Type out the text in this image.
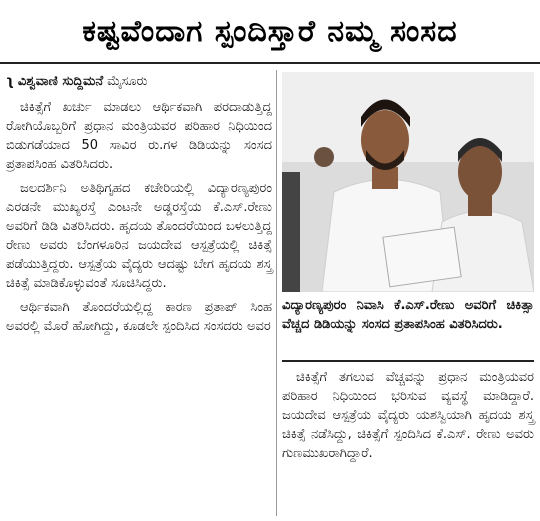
ಕಷ್ಟವೆಂದಾಗ ಸ್ಪಂದಿಸ್ತಾರೆ ನಮ್ಮ ಸಂಸದ
ʅ ವಿಶ್ವವಾಣಿ ಸುದ್ದಿಮನೆ ಮೈಸೂರು

ಚಿಕಿತ್ಸೆಗೆ ಖರ್ಚು ಮಾಡಲು ಆರ್ಥಿಕವಾಗಿ ಪರದಾಡುತ್ತಿದ್ದ ರೋಗಿಯೊಬ್ಬರಿಗೆ ಪ್ರಧಾನ ಮಂತ್ರಿಯವರ ಪರಿಹಾರ ನಿಧಿಯಿಂದ ಬಿಡುಗಡೆಯಾದ 50 ಸಾವಿರ ರು.ಗಳ ಡಿಡಿಯನ್ನು ಸಂಸದ ಪ್ರತಾಪಸಿಂಹ ವಿತರಿಸಿದರು.

ಜಲದರ್ಶಿನಿ ಅತಿಥಿಗೃಹದ ಕಚೇರಿಯಲ್ಲಿ ವಿದ್ಯಾರಣ್ಯಪುರಂ ಎರಡನೇ ಮುಖ್ಯರಸ್ತೆ ಎಂಟನೇ ಅಡ್ಡರಸ್ತೆಯ ಕೆ.ಎಸ್.ರೇಣು ಅವರಿಗೆ ಡಿಡಿ ವಿತರಿಸಿದರು. ಹೃದಯ ತೊಂದರೆಯಿಂದ ಬಳಲುತ್ತಿದ್ದ ರೇಣು ಅವರು ಬೆಂಗಳೂರಿನ ಜಯದೇವ ಆಸ್ಪತ್ರೆಯಲ್ಲಿ ಚಿಕಿತ್ಸೆ ಪಡೆಯುತ್ತಿದ್ದರು. ಆಸ್ಪತ್ರೆಯ ವೈದ್ಯರು ಆದಷ್ಟು ಬೇಗ ಹೃದಯ ಶಸ್ತ್ರ ಚಿಕಿತ್ಸೆ ಮಾಡಿಕೊಳ್ಳುವಂತೆ ಸೂಚಿಸಿದ್ದರು.

ಆರ್ಥಿಕವಾಗಿ ತೊಂದರೆಯಲ್ಲಿದ್ದ ಕಾರಣ ಪ್ರತಾಪ್ ಸಿಂಹ ಅವರಲ್ಲಿ ಮೊರೆ ಹೋಗಿದ್ದು, ಕೂಡಲೇ ಸ್ಪಂದಿಸಿದ ಸಂಸದರು ಅವರ

ವಿದ್ಯಾರಣ್ಯಪುರಂ ನಿವಾಸಿ ಕೆ.ಎಸ್.ರೇಣು ಅವರಿಗೆ ಚಿಕಿತ್ಸಾ ವೆಚ್ಚದ ಡಿಡಿಯನ್ನು ಸಂಸದ ಪ್ರತಾಪಸಿಂಹ ವಿತರಿಸಿದರು.

ಚಿಕಿತ್ಸೆಗೆ ತಗಲುವ ವೆಚ್ಚವನ್ನು ಪ್ರಧಾನ ಮಂತ್ರಿಯವರ ಪರಿಹಾರ ನಿಧಿಯಿಂದ ಭರಿಸುವ ವ್ಯವಸ್ಥೆ ಮಾಡಿದ್ದಾರೆ. ಜಯದೇವ ಆಸ್ಪತ್ರೆಯ ವೈದ್ಯರು ಯಶಸ್ವಿಯಾಗಿ ಹೃದಯ ಶಸ್ತ್ರ ಚಿಕಿತ್ಸೆ ನಡೆಸಿದ್ದು, ಚಿಕಿತ್ಸೆಗೆ ಸ್ಪಂದಿಸಿದ ಕೆ.ಎಸ್. ರೇಣು ಅವರು ಗುಣಮುಖರಾಗಿದ್ದಾರೆ.
